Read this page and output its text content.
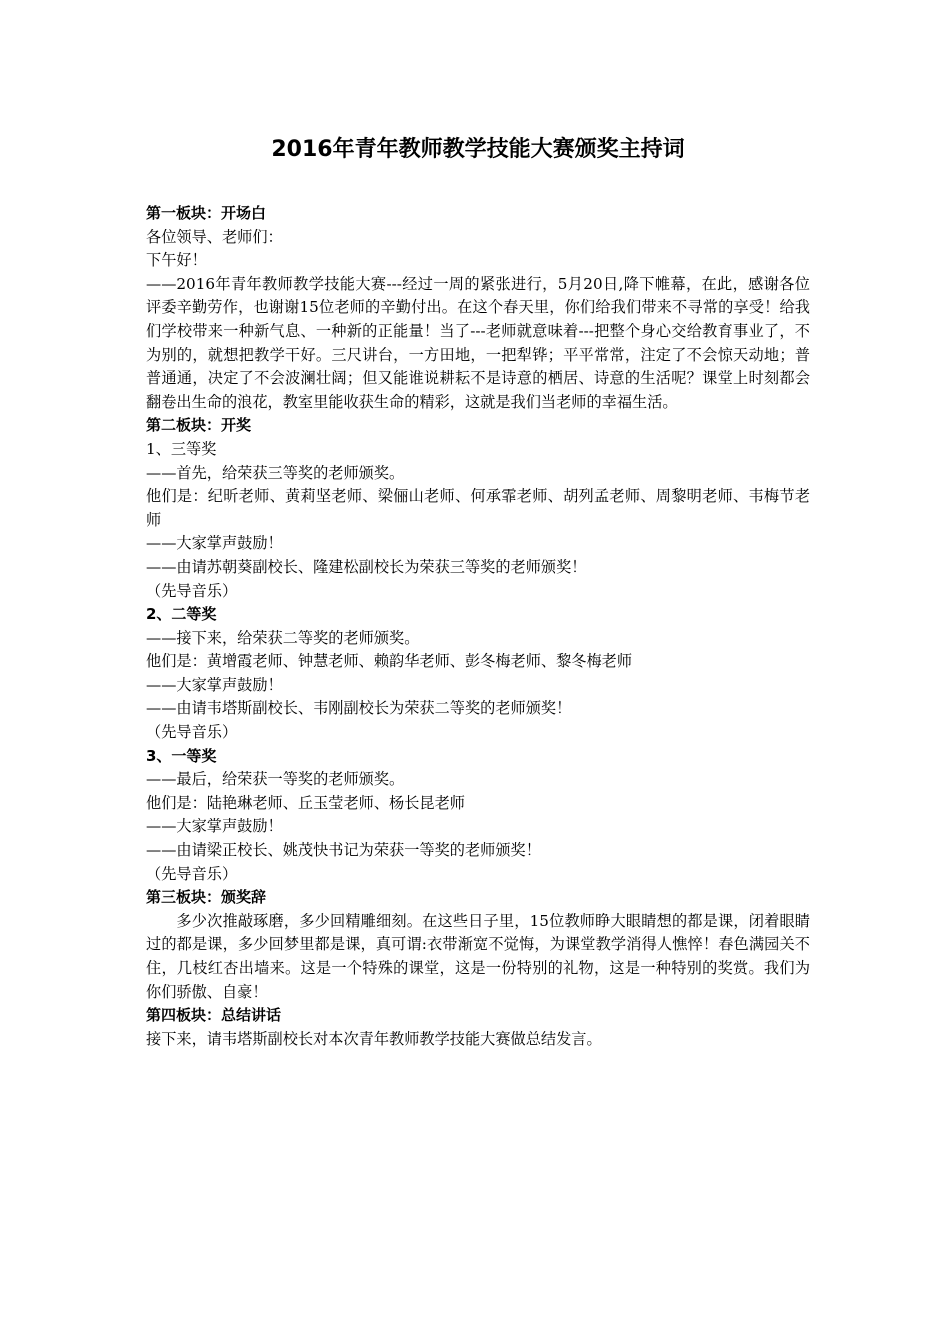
2016年青年教师教学技能大赛颁奖主持词

第一板块：开场白

各位领导、老师们：

下午好！

——2016年青年教师教学技能大赛---经过一周的紧张进行，5月20日,降下帷幕，在此，感谢各位评委辛勤劳作，也谢谢15位老师的辛勤付出。在这个春天里，你们给我们带来不寻常的享受！给我们学校带来一种新气息、一种新的正能量！当了---老师就意味着---把整个身心交给教育事业了，不为别的，就想把教学干好。三尺讲台，一方田地，一把犁铧；平平常常，注定了不会惊天动地；普普通通，决定了不会波澜壮阔；但又能谁说耕耘不是诗意的栖居、诗意的生活呢？课堂上时刻都会翻卷出生命的浪花，教室里能收获生命的精彩，这就是我们当老师的幸福生活。

第二板块：开奖

1、三等奖

——首先，给荣获三等奖的老师颁奖。

他们是：纪昕老师、黄莉坚老师、梁俪山老师、何承霏老师、胡列孟老师、周黎明老师、韦梅节老师

——大家掌声鼓励！

——由请苏朝葵副校长、隆建松副校长为荣获三等奖的老师颁奖！

（先导音乐）

2、二等奖

——接下来，给荣获二等奖的老师颁奖。

他们是：黄增霞老师、钟慧老师、赖韵华老师、彭冬梅老师、黎冬梅老师

——大家掌声鼓励！

——由请韦塔斯副校长、韦刚副校长为荣获二等奖的老师颁奖！

（先导音乐）

3、一等奖

——最后，给荣获一等奖的老师颁奖。

他们是：陆艳琳老师、丘玉莹老师、杨长昆老师

——大家掌声鼓励！

——由请梁正校长、姚茂快书记为荣获一等奖的老师颁奖！

（先导音乐）

第三板块：颁奖辞

多少次推敲琢磨，多少回精雕细刻。在这些日子里，15位教师睁大眼睛想的都是课，闭着眼睛过的都是课，多少回梦里都是课，真可谓:衣带渐宽不觉悔，为课堂教学消得人憔悴！春色满园关不住，几枝红杏出墙来。这是一个特殊的课堂，这是一份特别的礼物，这是一种特别的奖赏。我们为你们骄傲、自豪！

第四板块：总结讲话

接下来，请韦塔斯副校长对本次青年教师教学技能大赛做总结发言。
